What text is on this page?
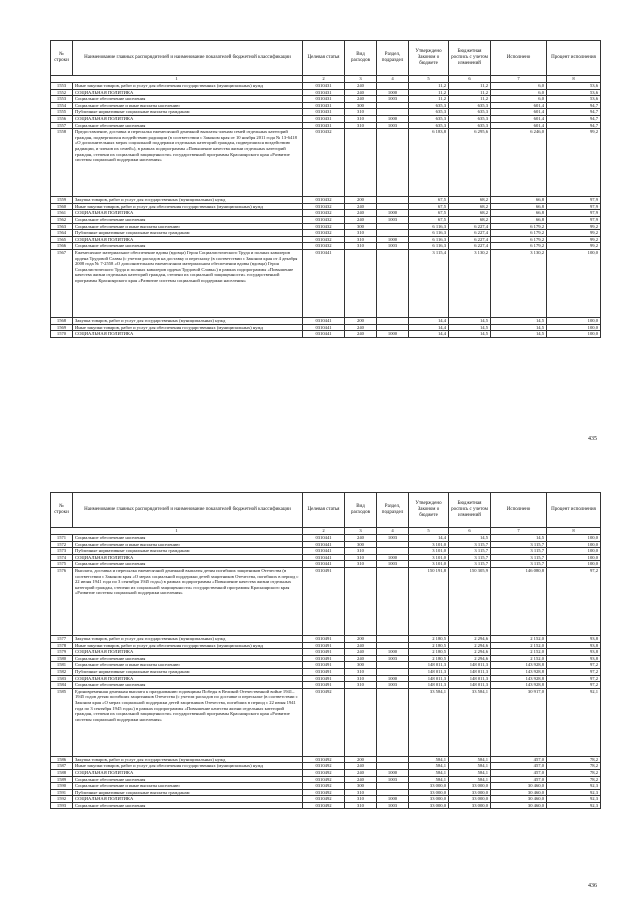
№ строки	Наименование главных распорядителей и наименование показателей бюджетной классификации	Целевая статья	Вид расходов	Раздел, подраздел	Утверждено Законом о бюджете	Бюджетная роспись с учетом изменений	Исполнено	Процент исполнения
1		2	3	4	5	6	7	8
1553	Иные закупки товаров, работ и услуг для обеспечения государственных (муниципальных) нужд	0310431	240		11,2	11,2	6,0	53,6
1552	СОЦИАЛЬНАЯ ПОЛИТИКА	0310431	240	1000	11,2	11,2	6,0	53,6
1553	Социальное обеспечение населения	0310431	240	1003	11,2	11,2	6,0	53,6
1554	Социальное обеспечение и иные выплаты населению	0310431	300		635,3	635,3	601,4	94,7
1555	Публичные нормативные социальные выплаты гражданам	0310431	310		635,3	635,3	601,4	94,7
1556	СОЦИАЛЬНАЯ ПОЛИТИКА	0310431	310	1000	635,3	635,3	601,4	94,7
1557	Социальное обеспечение населения	0310431	310	1003	635,3	635,3	601,4	94,7
1558	Предоставление, доставка и пересылка ежемесячной денежной выплаты членам семей отдельных категорий граждан, подвергшихся воздействию радиации (в соответствии с Законом края от 10 ноября 2011 года № 13-6418 «О дополнительных мерах социальной поддержки отдельных категорий граждан, подвергшихся воздействию радиации, и членов их семей»), в рамках подпрограммы «Повышение качества жизни отдельных категорий граждан, степени их социальной защищенности» государственной программы Красноярского края «Развитие системы социальной поддержки населения»	0310432			6 183,8	6 295,6	6 246,0	99,2
1559	Закупка товаров, работ и услуг для государственных (муниципальных) нужд	0310432	200		67,5	68,2	66,8	97,9
1560	Иные закупки товаров, работ и услуг для обеспечения государственных (муниципальных) нужд	0310432	240		67,5	68,2	66,8	97,9
1561	СОЦИАЛЬНАЯ ПОЛИТИКА	0310432	240	1000	67,5	68,2	66,8	97,9
1562	Социальное обеспечение населения	0310432	240	1003	67,5	68,2	66,8	97,9
1563	Социальное обеспечение и иные выплаты населению	0310432	300		6 116,3	6 227,4	6 179,2	99,2
1564	Публичные нормативные социальные выплаты гражданам	0310432	310		6 116,3	6 227,4	6 179,2	99,2
1565	СОЦИАЛЬНАЯ ПОЛИТИКА	0310432	310	1000	6 116,3	6 227,4	6 179,2	99,2
1566	Социальное обеспечение населения	0310432	310	1003	6 116,3	6 227,4	6 179,2	99,2
1567	Ежемесячное материальное обеспечение вдовы (вдовца) Героя Социалистического Труда и полных кавалеров ордена Трудовой Славы (с учетом расходов на доставку и пересылку (в соответствии с Законом края от 4 декабря 2008 года № 7-2558 «О дополнительном ежемесячном материальном обеспечении вдовы (вдовца) Героя Социалистического Труда и полных кавалеров ордена Трудовой Славы») в рамках подпрограммы «Повышение качества жизни отдельных категорий граждан, степени их социальной защищенности» государственной программы Красноярского края «Развитие системы социальной поддержки населения»	0310441			3 115,4	3 130,2	3 130,2	100,0
1568	Закупка товаров, работ и услуг для государственных (муниципальных) нужд	0310441	200		14,4	14,5	14,5	100,0
1569	Иные закупки товаров, работ и услуг для обеспечения государственных (муниципальных) нужд	0310441	240		14,4	14,5	14,5	100,0
1570	СОЦИАЛЬНАЯ ПОЛИТИКА	0310441	240	1000	14,4	14,5	14,5	100,0
435
№ строки	Наименование главных распорядителей и наименование показателей бюджетной классификации	Целевая статья	Вид расходов	Раздел, подраздел	Утверждено Законом о бюджете	Бюджетная роспись с учетом изменений	Исполнено	Процент исполнения
1		2	3	4	5	6	7	8
1571	Социальное обеспечение населения	0310441	240	1003	14,4	14,5	14,5	100,0
1572	Социальное обеспечение и иные выплаты населению	0310441	300		3 101,0	3 115,7	3 115,7	100,0
1573	Публичные нормативные социальные выплаты гражданам	0310441	310		3 101,0	3 115,7	3 115,7	100,0
1574	СОЦИАЛЬНАЯ ПОЛИТИКА	0310441	310	1000	3 101,0	3 115,7	3 115,7	100,0
1575	Социальное обеспечение населения	0310441	310	1003	3 101,0	3 115,7	3 115,7	100,0
1576	Выплата, доставка и пересылка ежемесячной денежной выплаты детям погибших защитников Отечества (в соответствии с Законом края «О мерах социальной поддержки детей защитников Отечества, погибших в период с 22 июня 1941 года по 3 сентября 1945 года») в рамках подпрограммы «Повышение качества жизни отдельных категорий граждан, степени их социальной защищенности» государственной программы Красноярского края «Развитие системы социальной поддержки населения»	0310491			150 191,8	150 305,9	146 080,8	97,2
1577	Закупка товаров, работ и услуг для государственных (муниципальных) нужд	0310491	200		2 180,5	2 294,6	2 152,0	93,8
1578	Иные закупки товаров, работ и услуг для обеспечения государственных (муниципальных) нужд	0310491	240		2 180,5	2 294,6	2 152,0	93,8
1579	СОЦИАЛЬНАЯ ПОЛИТИКА	0310491	240	1000	2 180,5	2 294,6	2 152,0	93,8
1580	Социальное обеспечение населения	0310491	240	1003	2 180,5	2 294,6	2 152,0	93,8
1581	Социальное обеспечение и иные выплаты населению	0310491	300		148 011,3	148 011,3	143 928,8	97,2
1582	Публичные нормативные социальные выплаты гражданам	0310491	310		148 011,3	148 011,3	143 928,8	97,2
1583	СОЦИАЛЬНАЯ ПОЛИТИКА	0310491	310	1000	148 011,3	148 011,3	143 928,8	97,2
1584	Социальное обеспечение населения	0310491	310	1003	148 011,3	148 011,3	143 928,8	97,2
1585	Единовременная денежная выплата к празднованию годовщины Победы в Великой Отечественной войне 1941–1945 годов детям погибших защитников Отечества (с учетом расходов по доставке и пересылке (в соответствии с Законом края «О мерах социальной поддержки детей защитников Отечества, погибших в период с 22 июня 1941 года по 3 сентября 1945 года») в рамках подпрограммы «Повышение качества жизни отдельных категорий граждан, степени их социальной защищенности» государственной программы Красноярского края «Развитие системы социальной поддержки населения»	0310492			33 584,1	33 584,1	30 917,0	92,1
1586	Закупка товаров, работ и услуг для государственных (муниципальных) нужд	0310492	200		584,1	584,1	457,0	78,2
1587	Иные закупки товаров, работ и услуг для обеспечения государственных (муниципальных) нужд	0310492	240		584,1	584,1	457,0	78,2
1588	СОЦИАЛЬНАЯ ПОЛИТИКА	0310492	240	1000	584,1	584,1	457,0	78,2
1589	Социальное обеспечение населения	0310492	240	1003	584,1	584,1	457,0	78,2
1590	Социальное обеспечение и иные выплаты населению	0310492	300		33 000,0	33 000,0	30 460,0	92,3
1591	Публичные нормативные социальные выплаты гражданам	0310492	310		33 000,0	33 000,0	30 460,0	92,3
1592	СОЦИАЛЬНАЯ ПОЛИТИКА	0310492	310	1000	33 000,0	33 000,0	30 460,0	92,3
1593	Социальное обеспечение населения	0310492	310	1003	33 000,0	33 000,0	30 460,0	92,3
436
